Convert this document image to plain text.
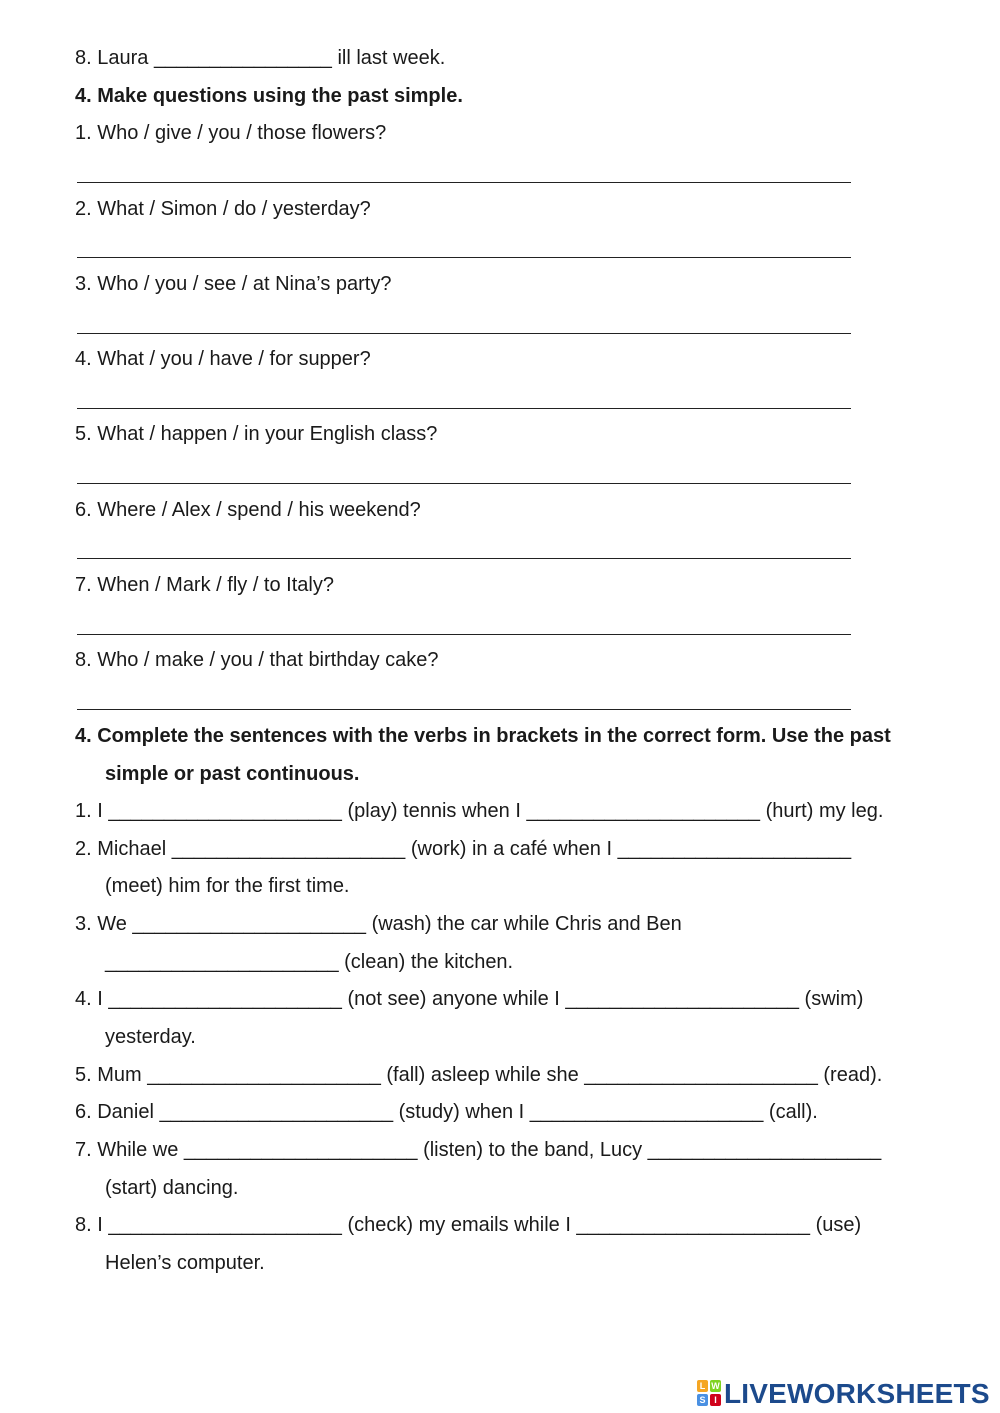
8. Laura ________________ ill last week.
4. Make questions using the past simple.
1. Who / give / you / those flowers?
2. What / Simon / do / yesterday?
3. Who / you / see / at Nina’s party?
4. What / you / have / for supper?
5. What / happen / in your English class?
6. Where / Alex / spend / his weekend?
7. When / Mark / fly / to Italy?
8. Who / make / you / that birthday cake?
4. Complete the sentences with the verbs in brackets in the correct form. Use the past
simple or past continuous.
1. I _____________________ (play) tennis when I _____________________ (hurt) my leg.
2. Michael _____________________ (work) in a café when I _____________________
(meet) him for the first time.
3. We _____________________ (wash) the car while Chris and Ben
_____________________ (clean) the kitchen.
4. I _____________________ (not see) anyone while I _____________________ (swim)
yesterday.
5. Mum _____________________ (fall) asleep while she _____________________ (read).
6. Daniel _____________________ (study) when I _____________________ (call).
7. While we _____________________ (listen) to the band, Lucy _____________________
(start) dancing.
8. I _____________________ (check) my emails while I _____________________ (use)
Helen’s computer.
L W
S I LIVEWORKSHEETS
